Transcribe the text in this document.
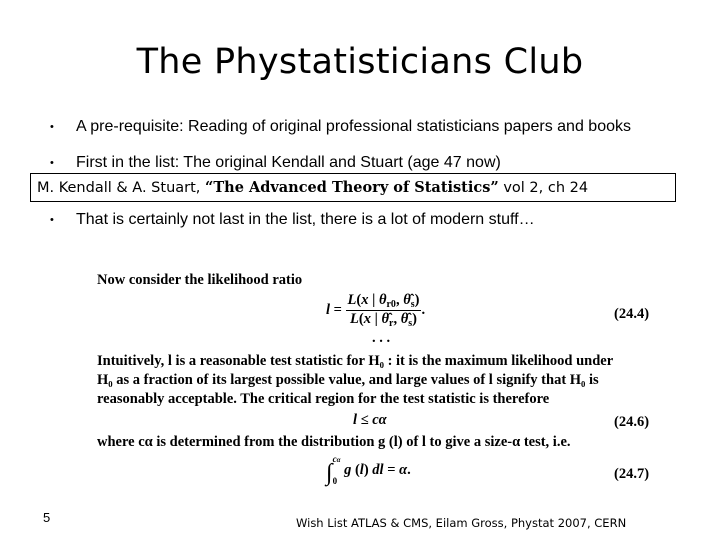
The Phystatisticians Club
• A pre-requisite: Reading of original professional statisticians papers and books
• First in the list: The original Kendall and Stuart (age 47 now)
M. Kendall & A. Stuart, “The Advanced Theory of Statistics” vol 2, ch 24
• That is certainly not last in the list, there is a lot of modern stuff…
Now consider the likelihood ratio
$l = \frac{L(x | \theta_{r0}, \thetâ_s)}{L(x | \thetâ_r, \thetâ_s)}$ .	(24.4)
. . .
Intuitively, l is a reasonable test statistic for H₀ : it is the maximum likelihood under
H₀ as a fraction of its largest possible value, and large values of l signify that H₀ is
reasonably acceptable. The critical region for the test statistic is therefore
l ≤ cα	(24.6)
where cα is determined from the distribution g (l) of l to give a size-α test, i.e.
∫
cα
0
g (l) dl = α.	(24.7)
5	Wish List ATLAS & CMS, Eilam Gross, Phystat 2007, CERN
